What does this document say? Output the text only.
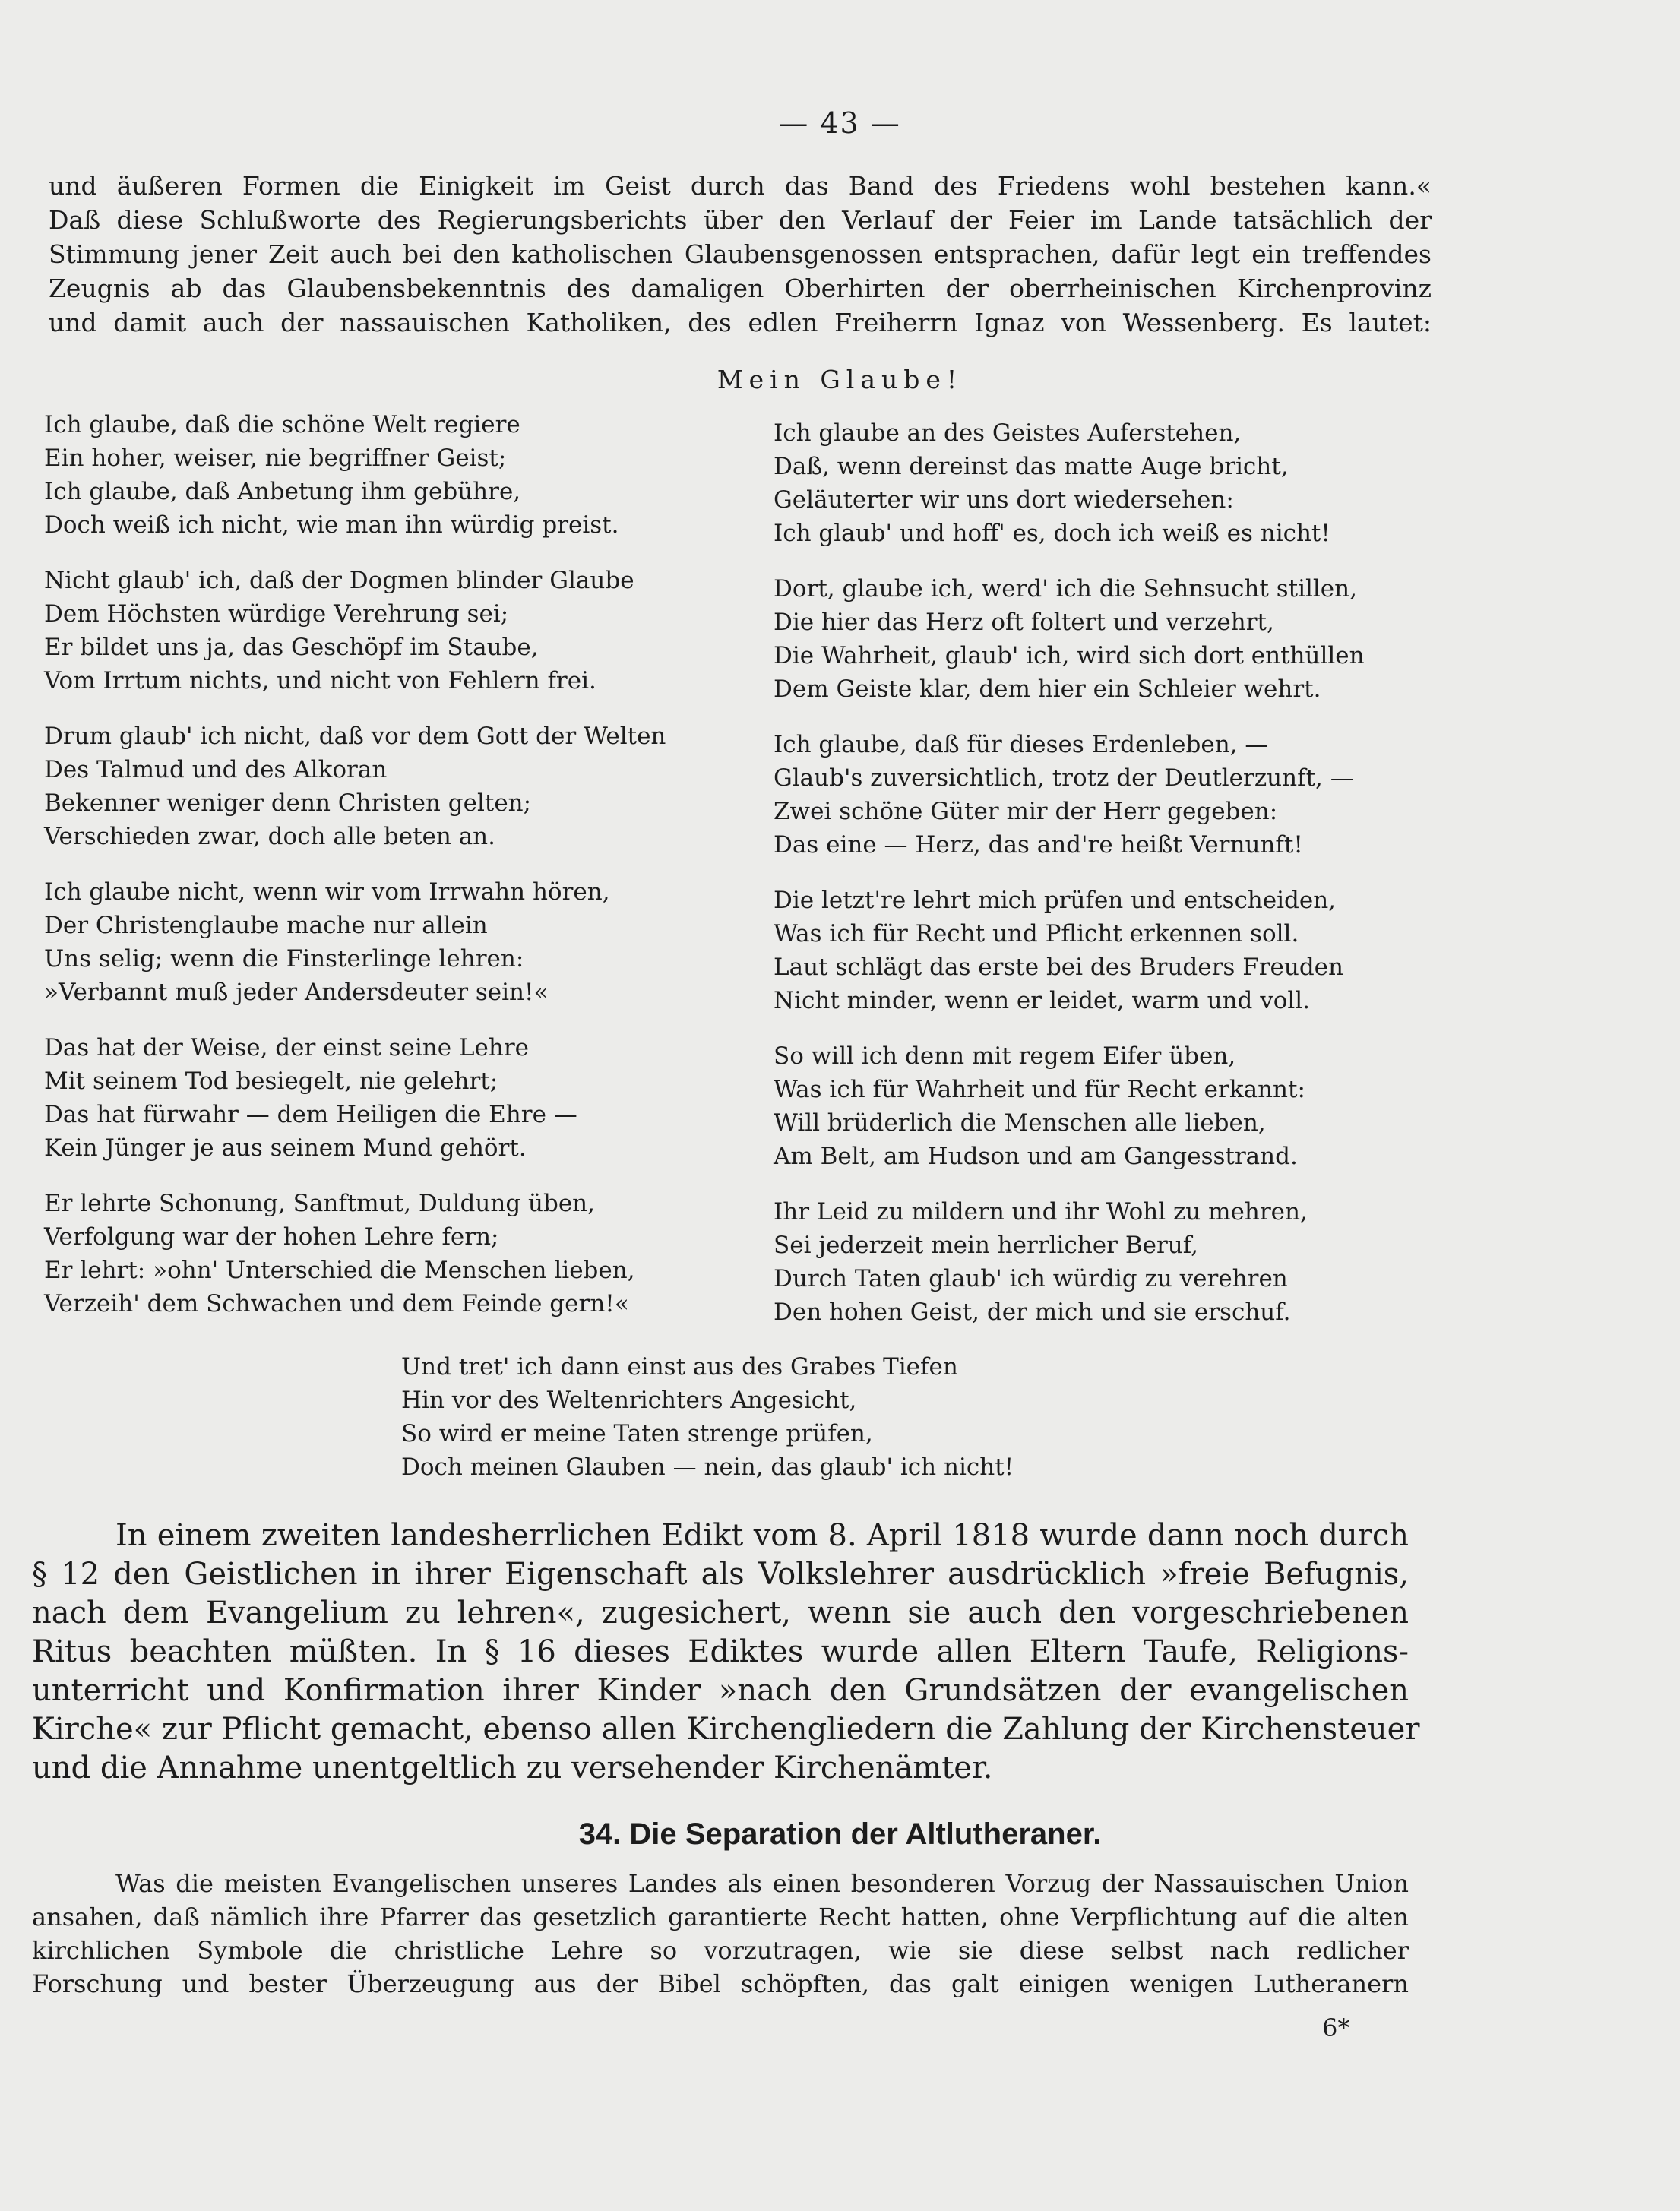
— 43 —
und äußeren Formen die Einigkeit im Geist durch das Band des Friedens wohl bestehen kann.«
Daß diese Schlußworte des Regierungsberichts über den Verlauf der Feier im Lande tatsächlich der
Stimmung jener Zeit auch bei den katholischen Glaubensgenossen entsprachen, dafür legt ein treffendes
Zeugnis ab das Glaubensbekenntnis des damaligen Oberhirten der oberrheinischen Kirchenprovinz
und damit auch der nassauischen Katholiken, des edlen Freiherrn Ignaz von Wessenberg. Es lautet:
Mein Glaube!
Ich glaube, daß die schöne Welt regiere
Ein hoher, weiser, nie begriffner Geist;
Ich glaube, daß Anbetung ihm gebühre,
Doch weiß ich nicht, wie man ihn würdig preist.
Nicht glaub' ich, daß der Dogmen blinder Glaube
Dem Höchsten würdige Verehrung sei;
Er bildet uns ja, das Geschöpf im Staube,
Vom Irrtum nichts, und nicht von Fehlern frei.
Drum glaub' ich nicht, daß vor dem Gott der Welten
Des Talmud und des Alkoran
Bekenner weniger denn Christen gelten;
Verschieden zwar, doch alle beten an.
Ich glaube nicht, wenn wir vom Irrwahn hören,
Der Christenglaube mache nur allein
Uns selig; wenn die Finsterlinge lehren:
»Verbannt muß jeder Andersdeuter sein!«
Das hat der Weise, der einst seine Lehre
Mit seinem Tod besiegelt, nie gelehrt;
Das hat fürwahr — dem Heiligen die Ehre —
Kein Jünger je aus seinem Mund gehört.
Er lehrte Schonung, Sanftmut, Duldung üben,
Verfolgung war der hohen Lehre fern;
Er lehrt: »ohn' Unterschied die Menschen lieben,
Verzeih' dem Schwachen und dem Feinde gern!«
Ich glaube an des Geistes Auferstehen,
Daß, wenn dereinst das matte Auge bricht,
Geläuterter wir uns dort wiedersehen:
Ich glaub' und hoff' es, doch ich weiß es nicht!
Dort, glaube ich, werd' ich die Sehnsucht stillen,
Die hier das Herz oft foltert und verzehrt,
Die Wahrheit, glaub' ich, wird sich dort enthüllen
Dem Geiste klar, dem hier ein Schleier wehrt.
Ich glaube, daß für dieses Erdenleben, —
Glaub's zuversichtlich, trotz der Deutlerzunft, —
Zwei schöne Güter mir der Herr gegeben:
Das eine — Herz, das and're heißt Vernunft!
Die letzt're lehrt mich prüfen und entscheiden,
Was ich für Recht und Pflicht erkennen soll.
Laut schlägt das erste bei des Bruders Freuden
Nicht minder, wenn er leidet, warm und voll.
So will ich denn mit regem Eifer üben,
Was ich für Wahrheit und für Recht erkannt:
Will brüderlich die Menschen alle lieben,
Am Belt, am Hudson und am Gangesstrand.
Ihr Leid zu mildern und ihr Wohl zu mehren,
Sei jederzeit mein herrlicher Beruf,
Durch Taten glaub' ich würdig zu verehren
Den hohen Geist, der mich und sie erschuf.
Und tret' ich dann einst aus des Grabes Tiefen
Hin vor des Weltenrichters Angesicht,
So wird er meine Taten strenge prüfen,
Doch meinen Glauben — nein, das glaub' ich nicht!
In einem zweiten landesherrlichen Edikt vom 8. April 1818 wurde dann noch durch
§ 12 den Geistlichen in ihrer Eigenschaft als Volkslehrer ausdrücklich »freie Befugnis,
nach dem Evangelium zu lehren«, zugesichert, wenn sie auch den vorgeschriebenen
Ritus beachten müßten. In § 16 dieses Ediktes wurde allen Eltern Taufe, Religions-
unterricht und Konfirmation ihrer Kinder »nach den Grundsätzen der evangelischen
Kirche« zur Pflicht gemacht, ebenso allen Kirchengliedern die Zahlung der Kirchensteuer
und die Annahme unentgeltlich zu versehender Kirchenämter.
34. Die Separation der Altlutheraner.
Was die meisten Evangelischen unseres Landes als einen besonderen Vorzug der Nassauischen Union
ansahen, daß nämlich ihre Pfarrer das gesetzlich garantierte Recht hatten, ohne Verpflichtung auf die alten
kirchlichen Symbole die christliche Lehre so vorzutragen, wie sie diese selbst nach redlicher
Forschung und bester Überzeugung aus der Bibel schöpften, das galt einigen wenigen Lutheranern
6*
